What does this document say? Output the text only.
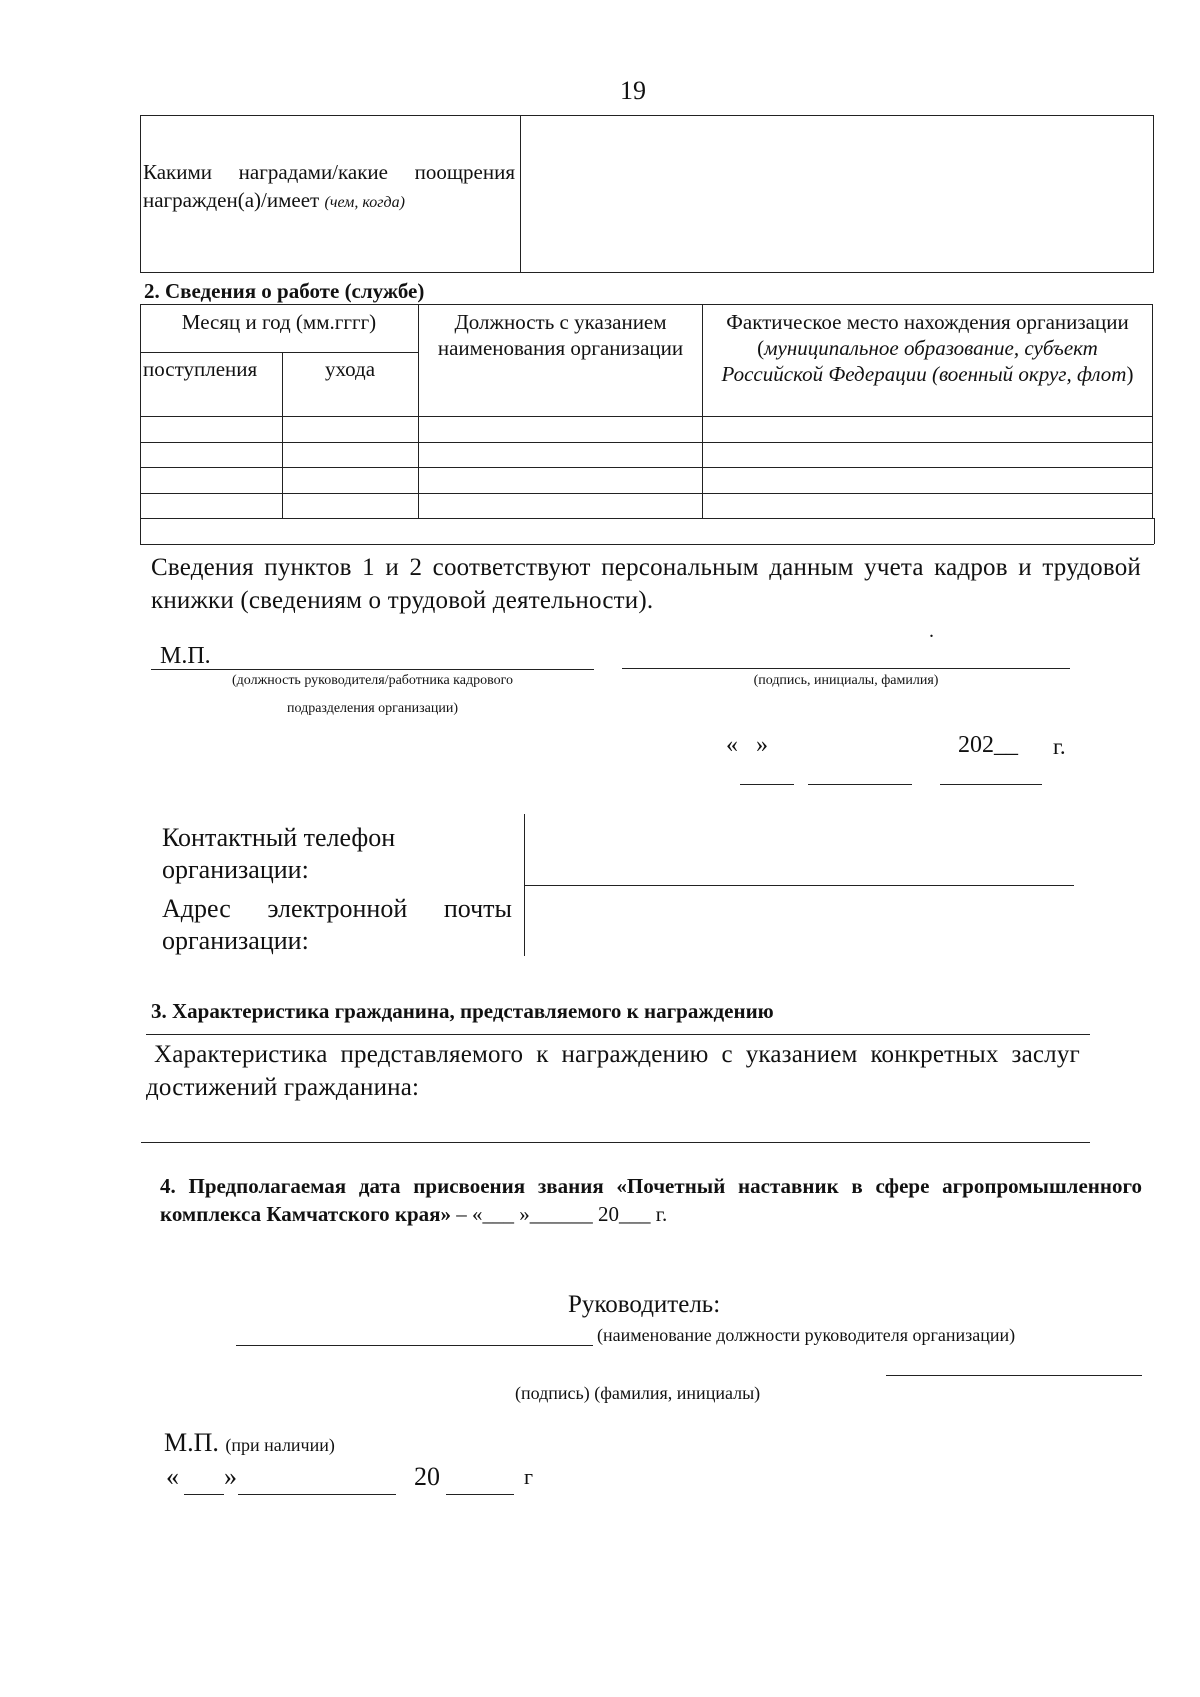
19
Какими наградами/какие поощрения награжден(а)/имеет (чем, когда)
2. Сведения о работе (службе)
Месяц и год (мм.гггг)
поступления	ухода
Должность с указанием наименования организации
Фактическое место нахождения организации (муниципальное образование, субъект Российской Федерации (военный округ, флот)
Сведения пунктов 1 и 2 соответствуют персональным данным учета кадров и трудовой книжки (сведениям о трудовой деятельности).
.
М.П.
(должность руководителя/работника кадрового
подразделения организации)
(подпись, инициалы, фамилия)
«   »	202__ г.
Контактный телефон организации:
Адрес электронной почты организации:
3. Характеристика гражданина, представляемого к награждению
Характеристика представляемого к награждению с указанием конкретных заслуг достижений гражданина:
4. Предполагаемая дата присвоения звания «Почетный наставник в сфере агропромышленного комплекса Камчатского края» – «___ »______ 20___ г.
Руководитель:
(наименование должности руководителя организации)
(подпись) (фамилия, инициалы)
М.П. (при наличии)
« »	20	г
